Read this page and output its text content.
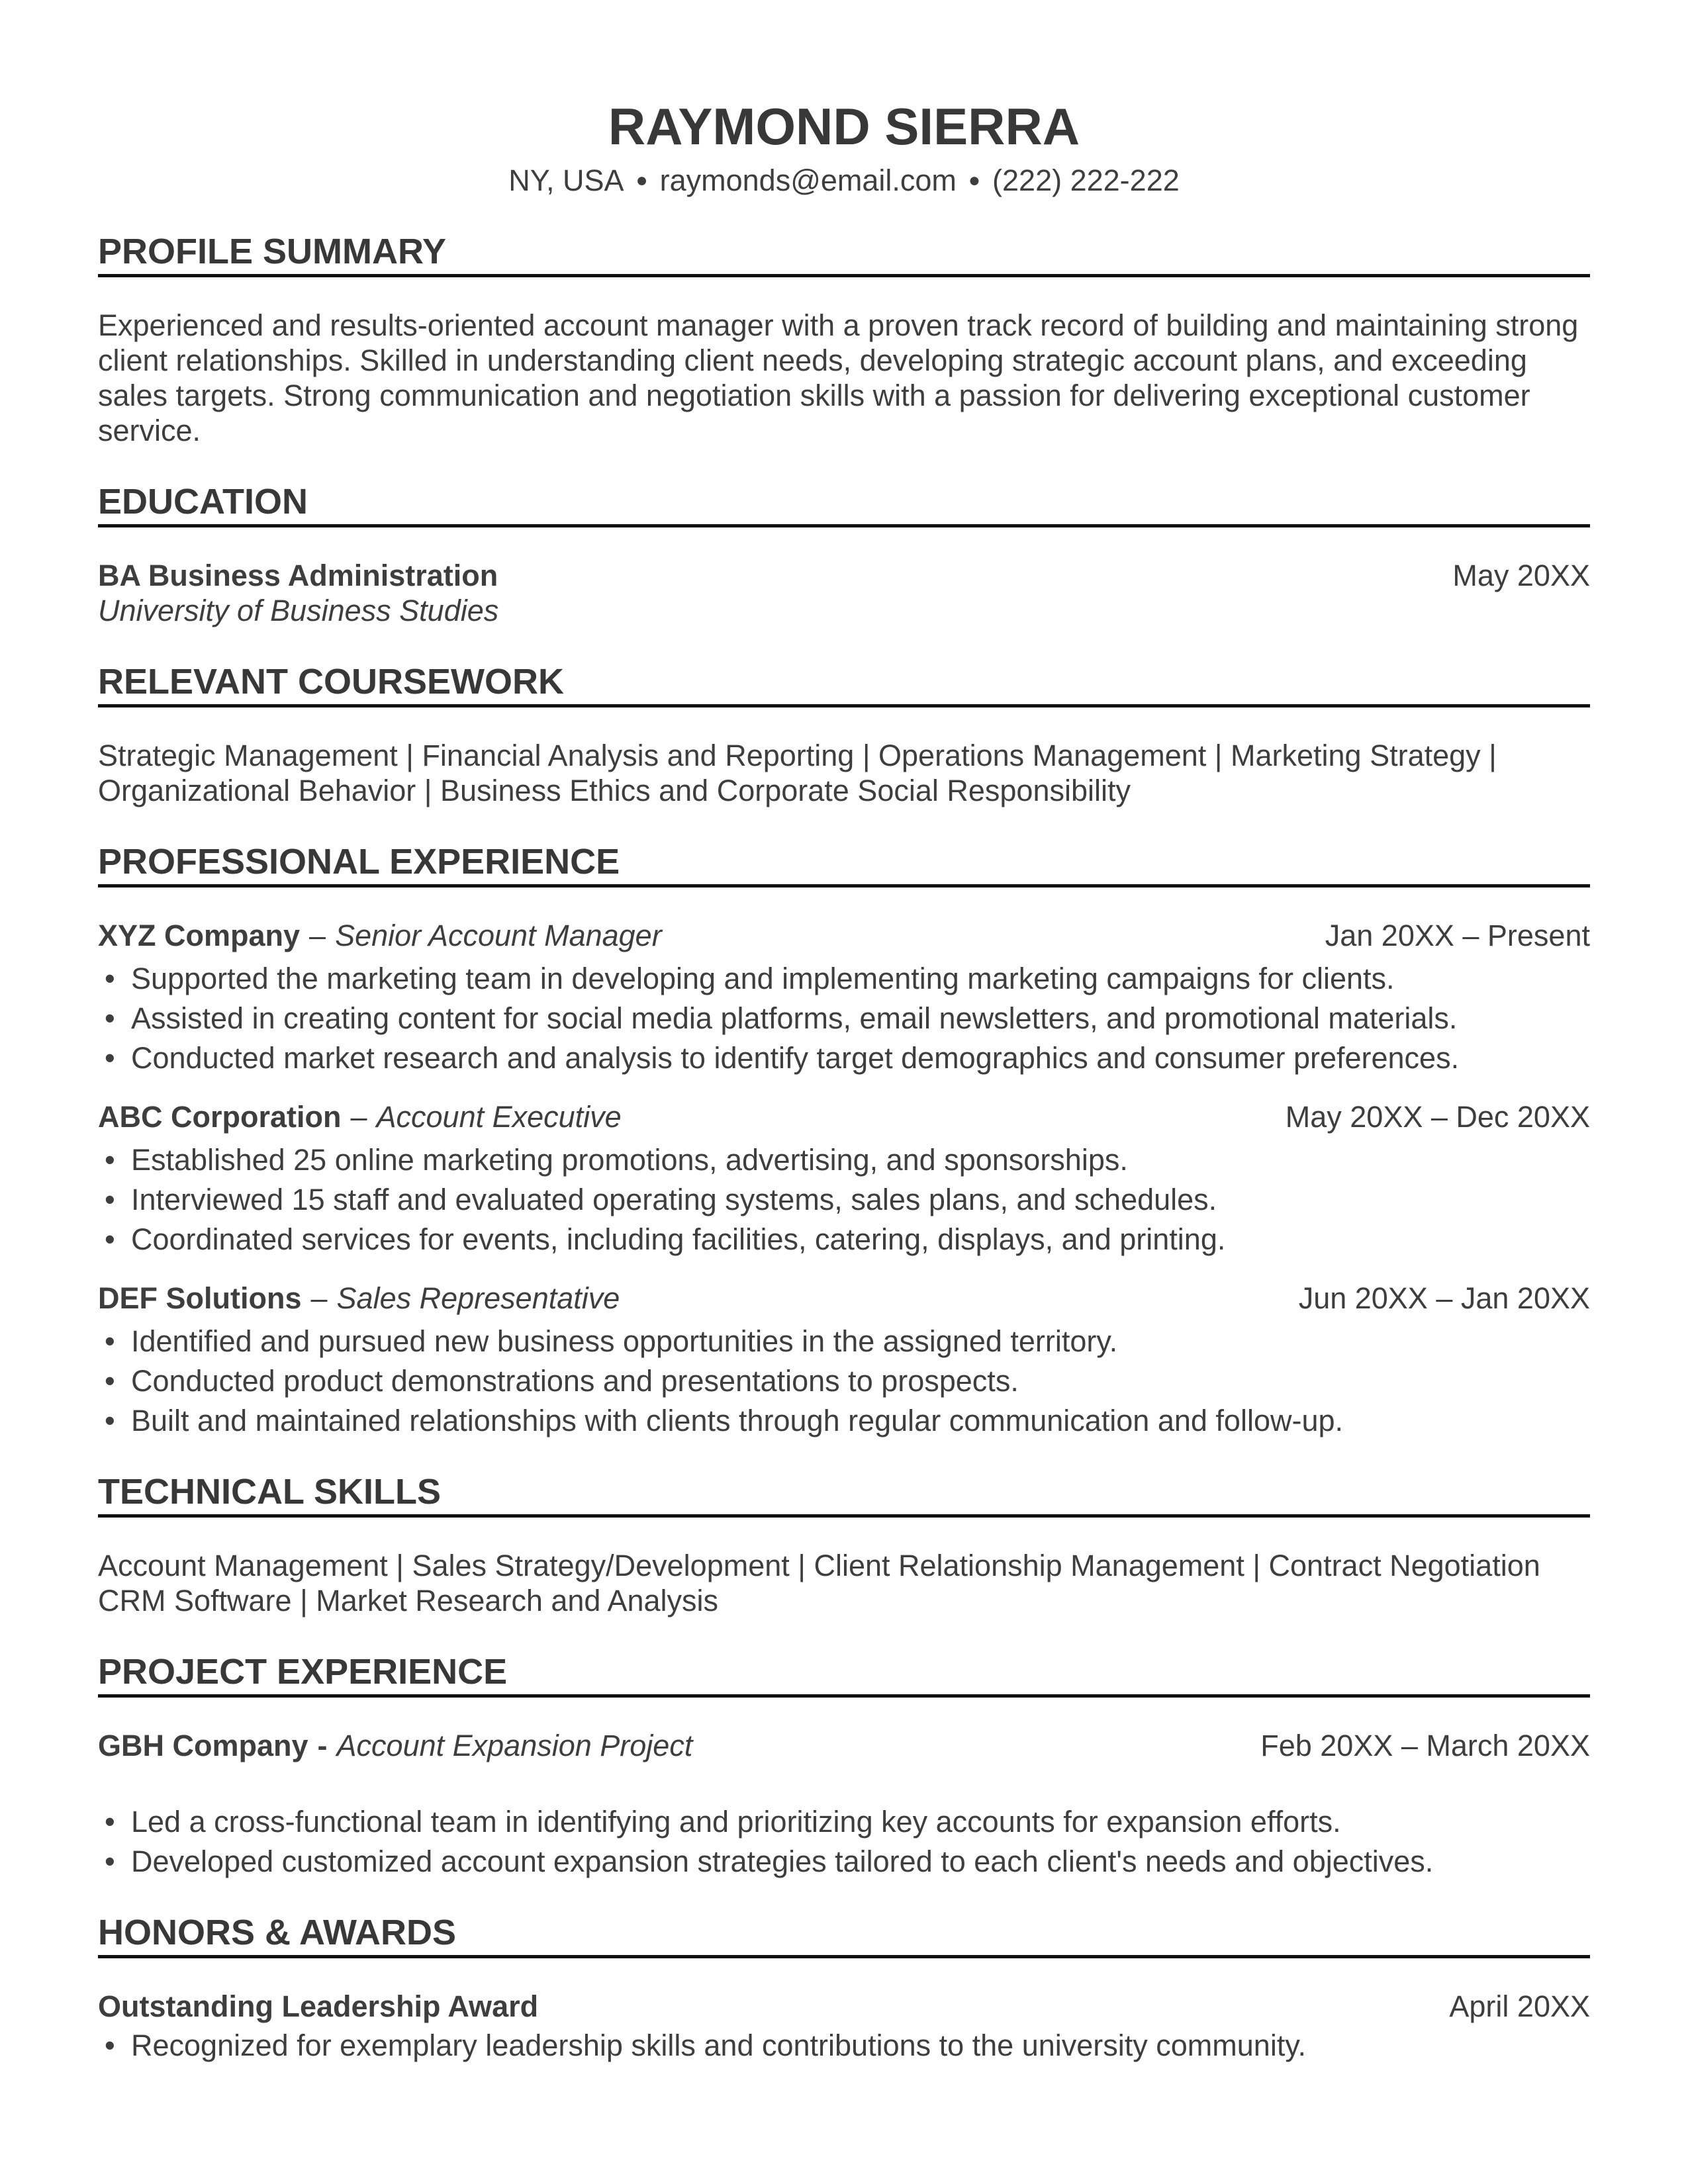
RAYMOND SIERRA
NY, USA ● raymonds@email.com ● (222) 222-222
PROFILE SUMMARY

Experienced and results-oriented account manager with a proven track record of building and maintaining strong client relationships. Skilled in understanding client needs, developing strategic account plans, and exceeding sales targets. Strong communication and negotiation skills with a passion for delivering exceptional customer service.

EDUCATION
BA Business Administration	May 20XX
University of Business Studies
RELEVANT COURSEWORK

Strategic Management | Financial Analysis and Reporting | Operations Management | Marketing Strategy | Organizational Behavior | Business Ethics and Corporate Social Responsibility

PROFESSIONAL EXPERIENCE
XYZ Company – Senior Account Manager	Jan 20XX – Present
• Supported the marketing team in developing and implementing marketing campaigns for clients.
• Assisted in creating content for social media platforms, email newsletters, and promotional materials.
• Conducted market research and analysis to identify target demographics and consumer preferences.
ABC Corporation – Account Executive	May 20XX – Dec 20XX
• Established 25 online marketing promotions, advertising, and sponsorships.
• Interviewed 15 staff and evaluated operating systems, sales plans, and schedules.
• Coordinated services for events, including facilities, catering, displays, and printing.
DEF Solutions – Sales Representative	Jun 20XX – Jan 20XX
• Identified and pursued new business opportunities in the assigned territory.
• Conducted product demonstrations and presentations to prospects.
• Built and maintained relationships with clients through regular communication and follow-up.
TECHNICAL SKILLS
Account Management | Sales Strategy/Development | Client Relationship Management | Contract Negotiation
CRM Software | Market Research and Analysis
PROJECT EXPERIENCE
GBH Company - Account Expansion Project	Feb 20XX – March 20XX
• Led a cross-functional team in identifying and prioritizing key accounts for expansion efforts.
• Developed customized account expansion strategies tailored to each client's needs and objectives.
HONORS & AWARDS
Outstanding Leadership Award	April 20XX
• Recognized for exemplary leadership skills and contributions to the university community.
